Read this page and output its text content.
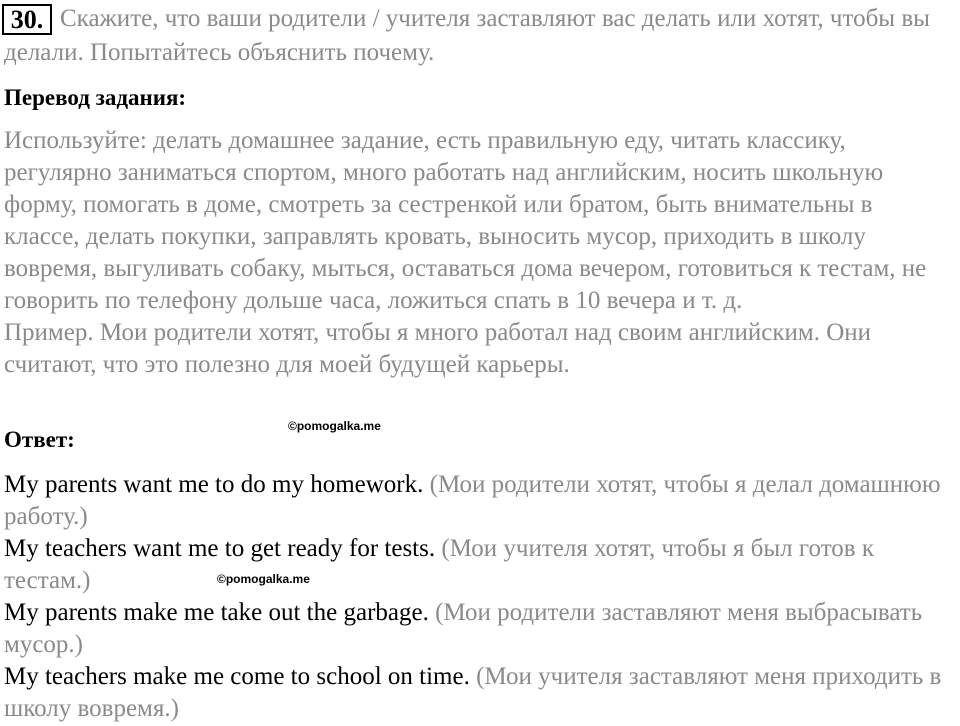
Скажите, что ваши родители / учителя заставляют вас делать или хотят, чтобы вы делали. Попытайтесь объяснить почему.

30.
Перевод задания:
Используйте: делать домашнее задание, есть правильную еду, читать классику, регулярно заниматься спортом, много работать над английским, носить школьную форму, помогать в доме, смотреть за сестренкой или братом, быть внимательны в классе, делать покупки, заправлять кровать, выносить мусор, приходить в школу вовремя, выгуливать собаку, мыться, оставаться дома вечером, готовиться к тестам, не говорить по телефону дольше часа, ложиться спать в 10 вечера и т. д.
Пример. Мои родители хотят, чтобы я много работал над своим английским. Они считают, что это полезно для моей будущей карьеры.
©pomogalka.me
Ответ:
My parents want me to do my homework. (Мои родители хотят, чтобы я делал домашнюю работу.)
My teachers want me to get ready for tests. (Мои учителя хотят, чтобы я был готов к тестам.)
My parents make me take out the garbage. (Мои родители заставляют меня выбрасывать мусор.)
My teachers make me come to school on time. (Мои учителя заставляют меня приходить в школу вовремя.)
©pomogalka.me
